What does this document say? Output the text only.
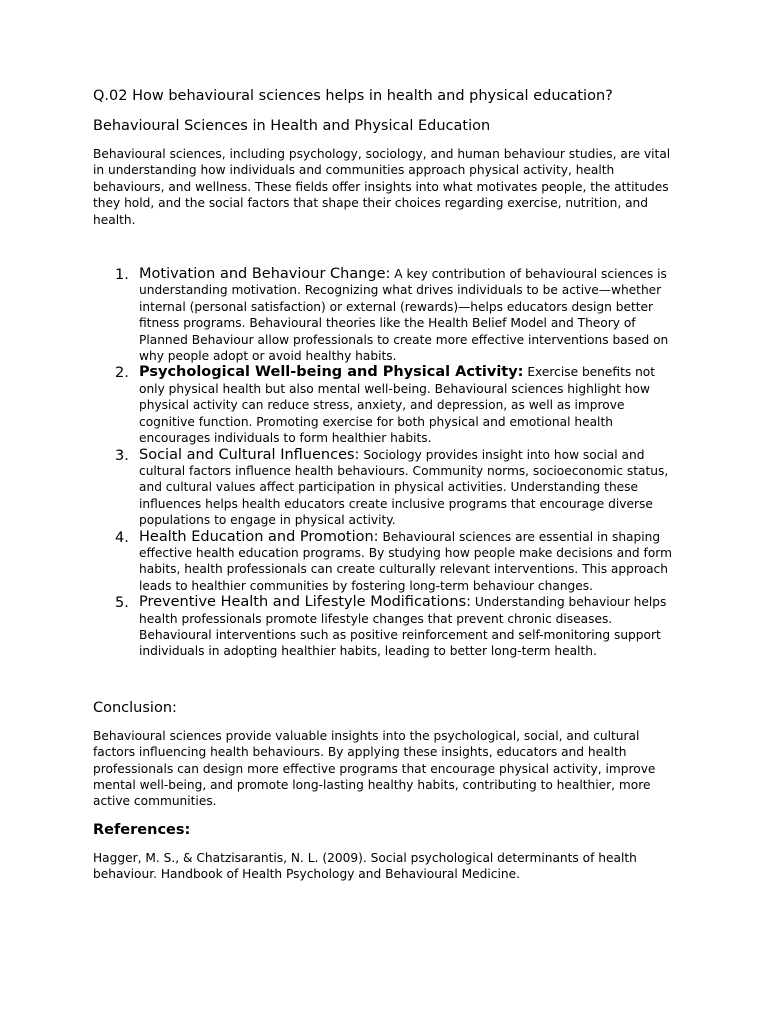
Q.02 How behavioural sciences helps in health and physical education?

Behavioural Sciences in Health and Physical Education

Behavioural sciences, including psychology, sociology, and human behaviour studies, are vital in understanding how individuals and communities approach physical activity, health behaviours, and wellness. These fields offer insights into what motivates people, the attitudes they hold, and the social factors that shape their choices regarding exercise, nutrition, and health.

1. Motivation and Behaviour Change: A key contribution of behavioural sciences is understanding motivation. Recognizing what drives individuals to be active—whether internal (personal satisfaction) or external (rewards)—helps educators design better fitness programs. Behavioural theories like the Health Belief Model and Theory of Planned Behaviour allow professionals to create more effective interventions based on why people adopt or avoid healthy habits.
2. Psychological Well-being and Physical Activity: Exercise benefits not only physical health but also mental well-being. Behavioural sciences highlight how physical activity can reduce stress, anxiety, and depression, as well as improve cognitive function. Promoting exercise for both physical and emotional health encourages individuals to form healthier habits.
3. Social and Cultural Influences: Sociology provides insight into how social and cultural factors influence health behaviours. Community norms, socioeconomic status, and cultural values affect participation in physical activities. Understanding these influences helps health educators create inclusive programs that encourage diverse populations to engage in physical activity.
4. Health Education and Promotion: Behavioural sciences are essential in shaping effective health education programs. By studying how people make decisions and form habits, health professionals can create culturally relevant interventions. This approach leads to healthier communities by fostering long-term behaviour changes.
5. Preventive Health and Lifestyle Modifications: Understanding behaviour helps health professionals promote lifestyle changes that prevent chronic diseases. Behavioural interventions such as positive reinforcement and self-monitoring support individuals in adopting healthier habits, leading to better long-term health.

Conclusion:

Behavioural sciences provide valuable insights into the psychological, social, and cultural factors influencing health behaviours. By applying these insights, educators and health professionals can design more effective programs that encourage physical activity, improve mental well-being, and promote long-lasting healthy habits, contributing to healthier, more active communities.

References:

Hagger, M. S., & Chatzisarantis, N. L. (2009). Social psychological determinants of health behaviour. Handbook of Health Psychology and Behavioural Medicine.
